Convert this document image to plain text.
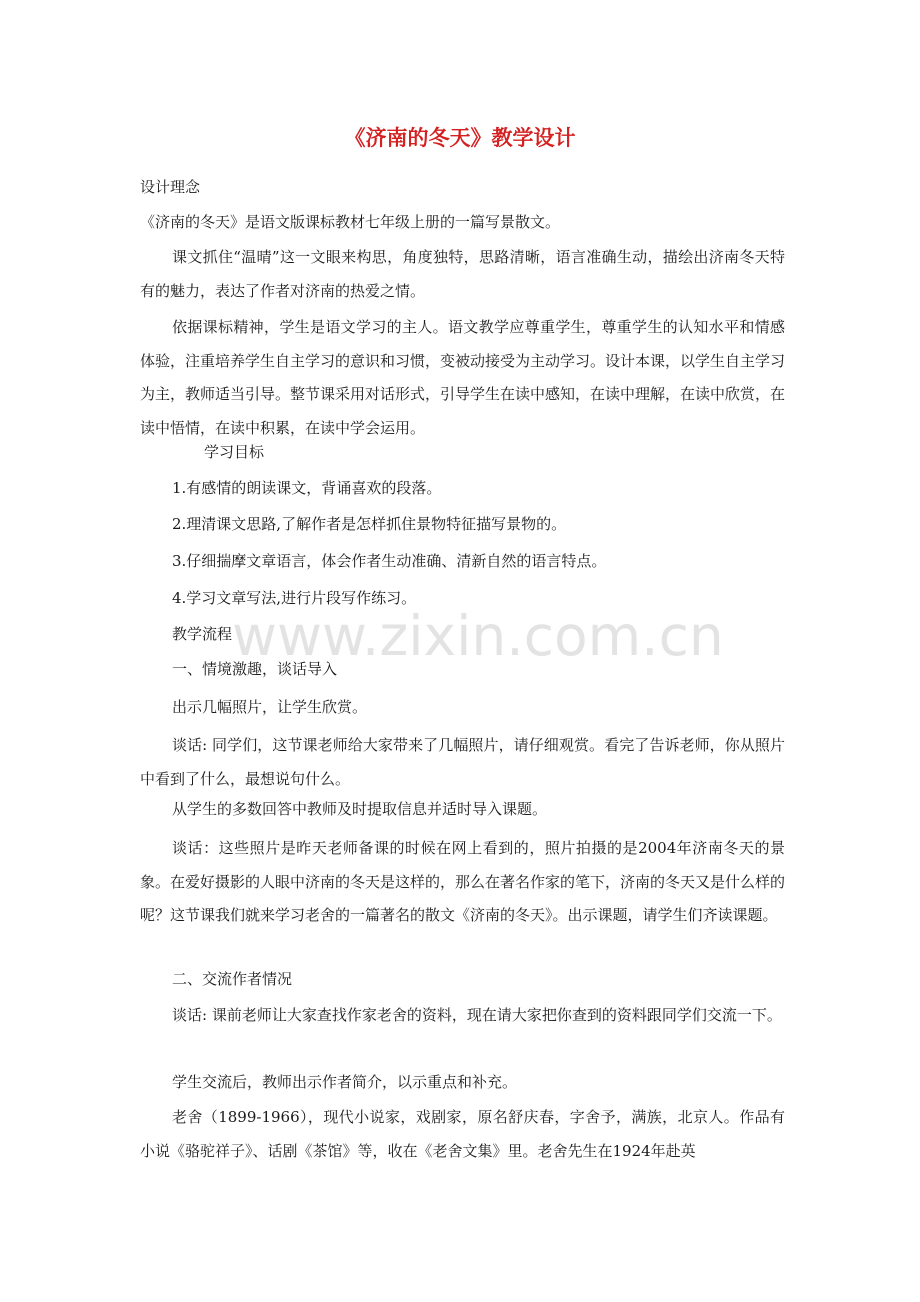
《济南的冬天》教学设计
设计理念
《济南的冬天》是语文版课标教材七年级上册的一篇写景散文。
课文抓住“温晴”这一文眼来构思，角度独特，思路清晰，语言准确生动，描绘出济南冬天特有的魅力，表达了作者对济南的热爱之情。
依据课标精神，学生是语文学习的主人。语文教学应尊重学生，尊重学生的认知水平和情感体验，注重培养学生自主学习的意识和习惯，变被动接受为主动学习。设计本课，以学生自主学习为主，教师适当引导。整节课采用对话形式，引导学生在读中感知，在读中理解，在读中欣赏，在读中悟情，在读中积累，在读中学会运用。
学习目标
1.有感情的朗读课文，背诵喜欢的段落。
2.理清课文思路,了解作者是怎样抓住景物特征描写景物的。
3.仔细揣摩文章语言，体会作者生动准确、清新自然的语言特点。
4.学习文章写法,进行片段写作练习。
教学流程
一、情境激趣，谈话导入
出示几幅照片，让学生欣赏。
谈话: 同学们，这节课老师给大家带来了几幅照片，请仔细观赏。看完了告诉老师，你从照片中看到了什么，最想说句什么。
从学生的多数回答中教师及时提取信息并适时导入课题。
谈话：这些照片是昨天老师备课的时候在网上看到的，照片拍摄的是2004年济南冬天的景象。在爱好摄影的人眼中济南的冬天是这样的，那么在著名作家的笔下，济南的冬天又是什么样的呢？这节课我们就来学习老舍的一篇著名的散文《济南的冬天》。出示课题，请学生们齐读课题。
二、交流作者情况
谈话: 课前老师让大家查找作家老舍的资料，现在请大家把你查到的资料跟同学们交流一下。
学生交流后，教师出示作者简介，以示重点和补充。
老舍（1899-1966），现代小说家，戏剧家，原名舒庆春，字舍予，满族，北京人。作品有小说《骆驼祥子》、话剧《茶馆》等，收在《老舍文集》里。老舍先生在1924年赴英
www.zixin.com.cn
